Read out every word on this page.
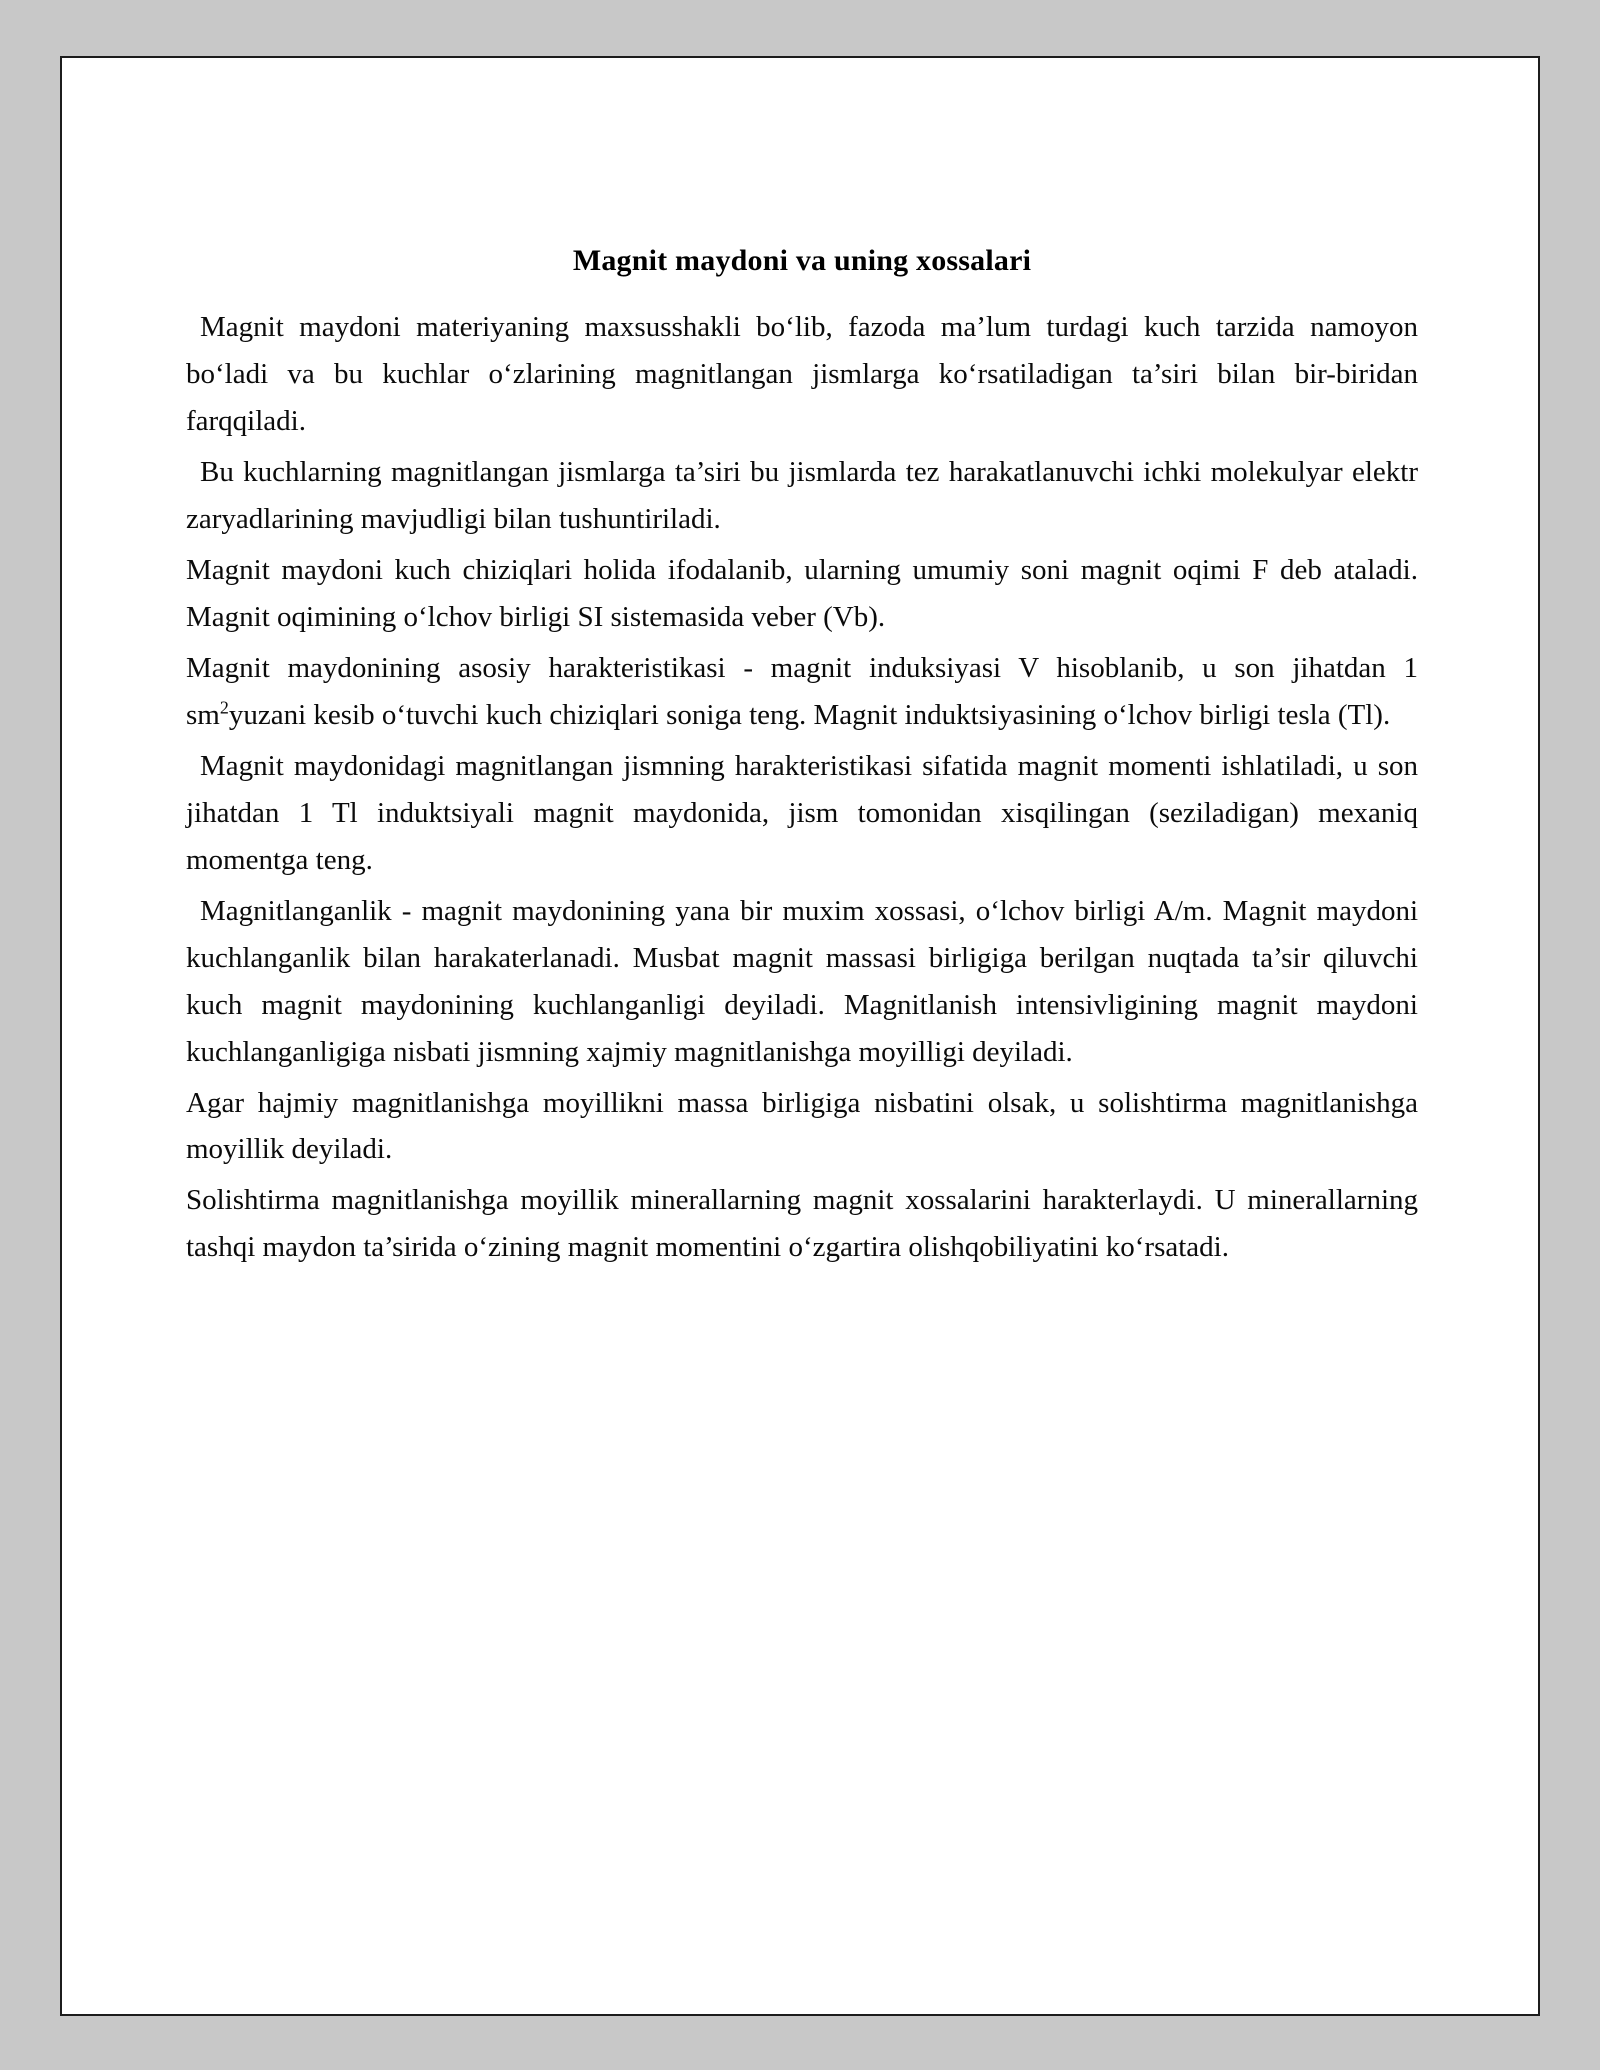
Magnit maydoni va uning xossalari

Magnit maydoni materiyaning maxsusshakli bo‘lib, fazoda ma’lum turdagi kuch tarzida namoyon bo‘ladi va bu kuchlar o‘zlarining magnitlangan jismlarga ko‘rsatiladigan ta’siri bilan bir-biridan farqqiladi.

Bu kuchlarning magnitlangan jismlarga ta’siri bu jismlarda tez harakatlanuvchi ichki molekulyar elektr zaryadlarining mavjudligi bilan tushuntiriladi.

Magnit maydoni kuch chiziqlari holida ifodalanib, ularning umumiy soni magnit oqimi F deb ataladi. Magnit oqimining o‘lchov birligi SI sistemasida veber (Vb).

Magnit maydonining asosiy harakteristikasi - magnit induksiyasi V hisoblanib, u son jihatdan 1 $sm^2yuzani$ kesib o‘tuvchi kuch chiziqlari soniga teng. Magnit induktsiyasining o‘lchov birligi tesla (Tl).

Magnit maydonidagi magnitlangan jismning harakteristikasi sifatida magnit momenti ishlatiladi, u son jihatdan 1 Tl induktsiyali magnit maydonida, jism tomonidan xisqilingan (seziladigan) mexaniq momentga teng.

Magnitlanganlik - magnit maydonining yana bir muxim xossasi, o‘lchov birligi A/m. Magnit maydoni kuchlanganlik bilan harakaterlanadi. Musbat magnit massasi birligiga berilgan nuqtada ta’sir qiluvchi kuch magnit maydonining kuchlanganligi deyiladi. Magnitlanish intensivligining magnit maydoni kuchlanganligiga nisbati jismning xajmiy magnitlanishga moyilligi deyiladi.

Agar hajmiy magnitlanishga moyillikni massa birligiga nisbatini olsak, u solishtirma magnitlanishga moyillik deyiladi.

Solishtirma magnitlanishga moyillik minerallarning magnit xossalarini harakterlaydi. U minerallarning tashqi maydon ta’sirida o‘zining magnit momentini o‘zgartira olishqobiliyatini ko‘rsatadi.
